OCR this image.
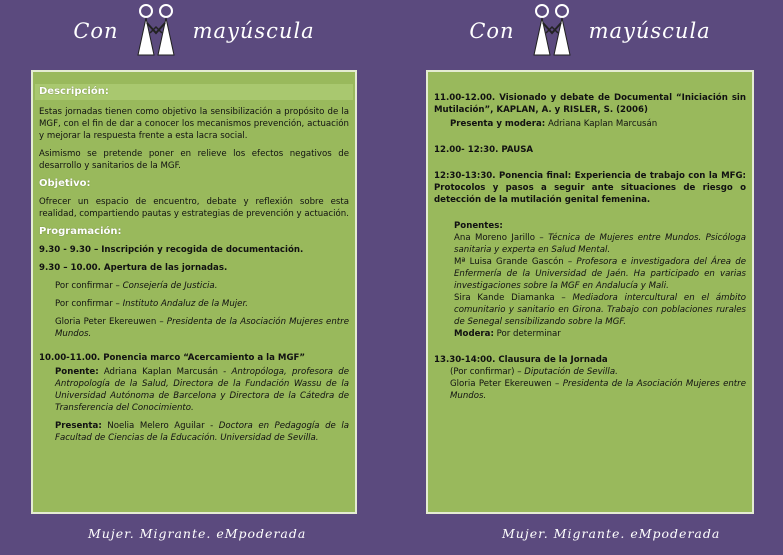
Con	mayúscula	Con	mayúscula
Descripción:

Estas jornadas tienen como objetivo la sensibilización a propósito de la MGF, con el fin de dar a conocer los mecanismos prevención, actuación y mejorar la respuesta frente a esta lacra social.

Asimismo se pretende poner en relieve los efectos negativos de desarrollo y sanitarios de la MGF.

Objetivo:

Ofrecer un espacio de encuentro, debate y reflexión sobre esta realidad, compartiendo pautas y estrategias de prevención y actuación.

Programación:

9.30 - 9.30 – Inscripción y recogida de documentación.

9.30 – 10.00. Apertura de las jornadas.

Por confirmar – Consejería de Justicia.

Por confirmar – Instituto Andaluz de la Mujer.

Gloria Peter Ekereuwen – Presidenta de la Asociación Mujeres entre Mundos.

10.00-11.00. Ponencia marco “Acercamiento a la MGF”

Ponente: Adriana Kaplan Marcusán - Antropóloga, profesora de Antropología de la Salud, Directora de la Fundación Wassu de la Universidad Autónoma de Barcelona y Directora de la Cátedra de Transferencia del Conocimiento.

Presenta: Noelia Melero Aguilar - Doctora en Pedagogía de la Facultad de Ciencias de la Educación. Universidad de Sevilla.

11.00-12.00. Visionado y debate de Documental “Iniciación sin Mutilación”, KAPLAN, A. y RISLER, S. (2006)

Presenta y modera: Adriana Kaplan Marcusán

12.00- 12:30. PAUSA

12:30-13:30. Ponencia final: Experiencia de trabajo con la MFG: Protocolos y pasos a seguir ante situaciones de riesgo o detección de la mutilación genital femenina.

Ponentes:

Ana Moreno Jarillo – Técnica de Mujeres entre Mundos. Psicóloga sanitaria y experta en Salud Mental.

Mª Luisa Grande Gascón – Profesora e investigadora del Área de Enfermería de la Universidad de Jaén. Ha participado en varias investigaciones sobre la MGF en Andalucía y Mali.

Sira Kande Diamanka – Mediadora intercultural en el ámbito comunitario y sanitario en Girona. Trabajo con poblaciones rurales de Senegal sensibilizando sobre la MGF.

Modera: Por determinar

13.30-14:00. Clausura de la Jornada

(Por confirmar) – Diputación de Sevilla.

Gloria Peter Ekereuwen – Presidenta de la Asociación Mujeres entre Mundos.

Mujer. Migrante. eMpoderada	Mujer. Migrante. eMpoderada
